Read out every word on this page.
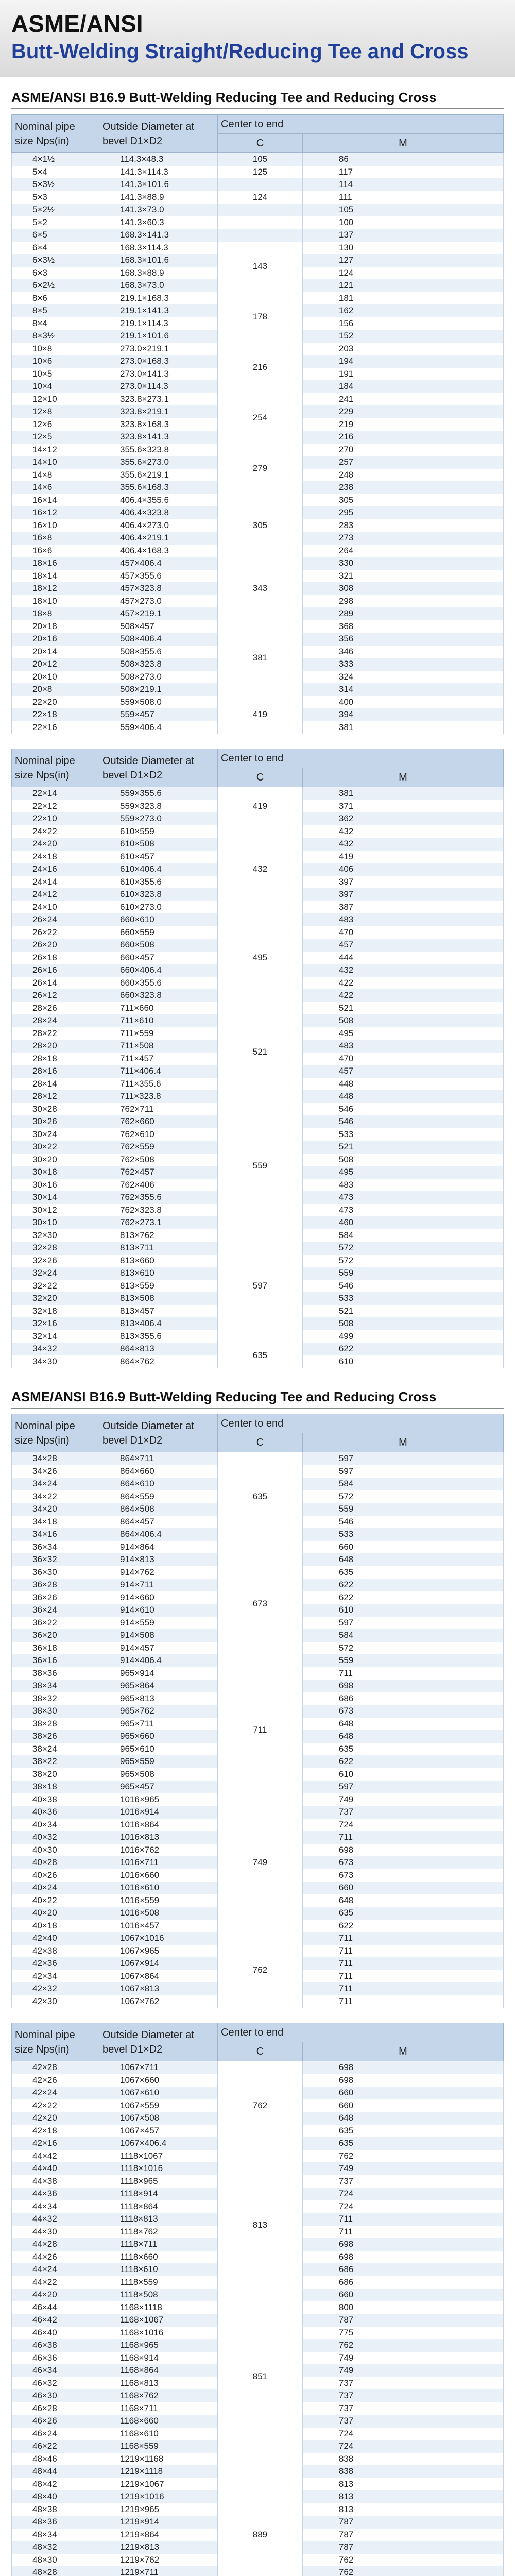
ASME/ANSI
Butt-Welding Straight/Reducing Tee and Cross
ASME/ANSI B16.9 Butt-Welding Reducing Tee and Reducing Cross
Nominal pipe size Nps(in)	Outside Diameter at bevel D1×D2	Center to end	
		C	M
4×1½	114.3×48.3	105	86
5×4	141.3×114.3	125	117
5×3½	141.3×101.6		114
5×3	141.3×88.9	124	111
5×2½	141.3×73.0		105
5×2	141.3×60.3		100
6×5	168.3×141.3		137
6×4	168.3×114.3	143	130
6×3½	168.3×101.6		127
6×3	168.3×88.9		124
6×2½	168.3×73.0		121
8×6	219.1×168.3	178	181
8×5	219.1×141.3		162
8×4	219.1×114.3		156
8×3½	219.1×101.6		152
10×8	273.0×219.1	216	203
10×6	273.0×168.3		194
10×5	273.0×141.3		191
10×4	273.0×114.3		184
12×10	323.8×273.1	254	241
12×8	323.8×219.1		229
12×6	323.8×168.3		219
12×5	323.8×141.3		216
14×12	355.6×323.8	279	270
14×10	355.6×273.0		257
14×8	355.6×219.1		248
14×6	355.6×168.3		238
16×14	406.4×355.6	305	305
16×12	406.4×323.8		295
16×10	406.4×273.0		283
16×8	406.4×219.1		273
16×6	406.4×168.3		264
18×16	457×406.4	343	330
18×14	457×355.6		321
18×12	457×323.8		308
18×10	457×273.0		298
18×8	457×219.1		289
20×18	508×457	381	368
20×16	508×406.4		356
20×14	508×355.6		346
20×12	508×323.8		333
20×10	508×273.0		324
20×8	508×219.1		314
22×20	559×508.0	419	400
22×18	559×457		394
22×16	559×406.4		381
Nominal pipe size Nps(in)	Outside Diameter at bevel D1×D2	Center to end	
		C	M
22×14	559×355.6	419	381
22×12	559×323.8		371
22×10	559×273.0		362
24×22	610×559	432	432
24×20	610×508		432
24×18	610×457		419
24×16	610×406.4		406
24×14	610×355.6		397
24×12	610×323.8		397
24×10	610×273.0		387
26×24	660×610	495	483
26×22	660×559		470
26×20	660×508		457
26×18	660×457		444
26×16	660×406.4		432
26×14	660×355.6		422
26×12	660×323.8		422
28×26	711×660	521	521
28×24	711×610		508
28×22	711×559		495
28×20	711×508		483
28×18	711×457		470
28×16	711×406.4		457
28×14	711×355.6		448
28×12	711×323.8		448
30×28	762×711	559	546
30×26	762×660		546
30×24	762×610		533
30×22	762×559		521
30×20	762×508		508
30×18	762×457		495
30×16	762×406		483
30×14	762×355.6		473
30×12	762×323.8		473
30×10	762×273.1		460
32×30	813×762	597	584
32×28	813×711		572
32×26	813×660		572
32×24	813×610		559
32×22	813×559		546
32×20	813×508		533
32×18	813×457		521
32×16	813×406.4		508
32×14	813×355.6		499
34×32	864×813	635	622
34×30	864×762		610
ASME/ANSI B16.9 Butt-Welding Reducing Tee and Reducing Cross
Nominal pipe size Nps(in)	Outside Diameter at bevel D1×D2	Center to end	
		C	M
34×28	864×711	635	597
34×26	864×660		597
34×24	864×610		584
34×22	864×559		572
34×20	864×508		559
34×18	864×457		546
34×16	864×406.4		533
36×34	914×864	673	660
36×32	914×813		648
36×30	914×762		635
36×28	914×711		622
36×26	914×660		622
36×24	914×610		610
36×22	914×559		597
36×20	914×508		584
36×18	914×457		572
36×16	914×406.4		559
38×36	965×914	711	711
38×34	965×864		698
38×32	965×813		686
38×30	965×762		673
38×28	965×711		648
38×26	965×660		648
38×24	965×610		635
38×22	965×559		622
38×20	965×508		610
38×18	965×457		597
40×38	1016×965	749	749
40×36	1016×914		737
40×34	1016×864		724
40×32	1016×813		711
40×30	1016×762		698
40×28	1016×711		673
40×26	1016×660		673
40×24	1016×610		660
40×22	1016×559		648
40×20	1016×508		635
40×18	1016×457		622
42×40	1067×1016	762	711
42×38	1067×965		711
42×36	1067×914		711
42×34	1067×864		711
42×32	1067×813		711
42×30	1067×762		711
Nominal pipe size Nps(in)	Outside Diameter at bevel D1×D2	Center to end	
		C	M
42×28	1067×711	762	698
42×26	1067×660		698
42×24	1067×610		660
42×22	1067×559		660
42×20	1067×508		648
42×18	1067×457		635
42×16	1067×406.4		635
44×42	1118×1067	813	762
44×40	1118×1016		749
44×38	1118×965		737
44×36	1118×914		724
44×34	1118×864		724
44×32	1118×813		711
44×30	1118×762		711
44×28	1118×711		698
44×26	1118×660		698
44×24	1118×610		686
44×22	1118×559		686
44×20	1118×508		660
46×44	1168×1118	851	800
46×42	1168×1067		787
46×40	1168×1016		775
46×38	1168×965		762
46×36	1168×914		749
46×34	1168×864		749
46×32	1168×813		737
46×30	1168×762		737
46×28	1168×711		737
46×26	1168×660		737
46×24	1168×610		724
46×22	1168×559		724
48×46	1219×1168	889	838
48×44	1219×1118		838
48×42	1219×1067		813
48×40	1219×1016		813
48×38	1219×965		813
48×36	1219×914		787
48×34	1219×864		787
48×32	1219×813		787
48×30	1219×762		762
48×28	1219×711		762
